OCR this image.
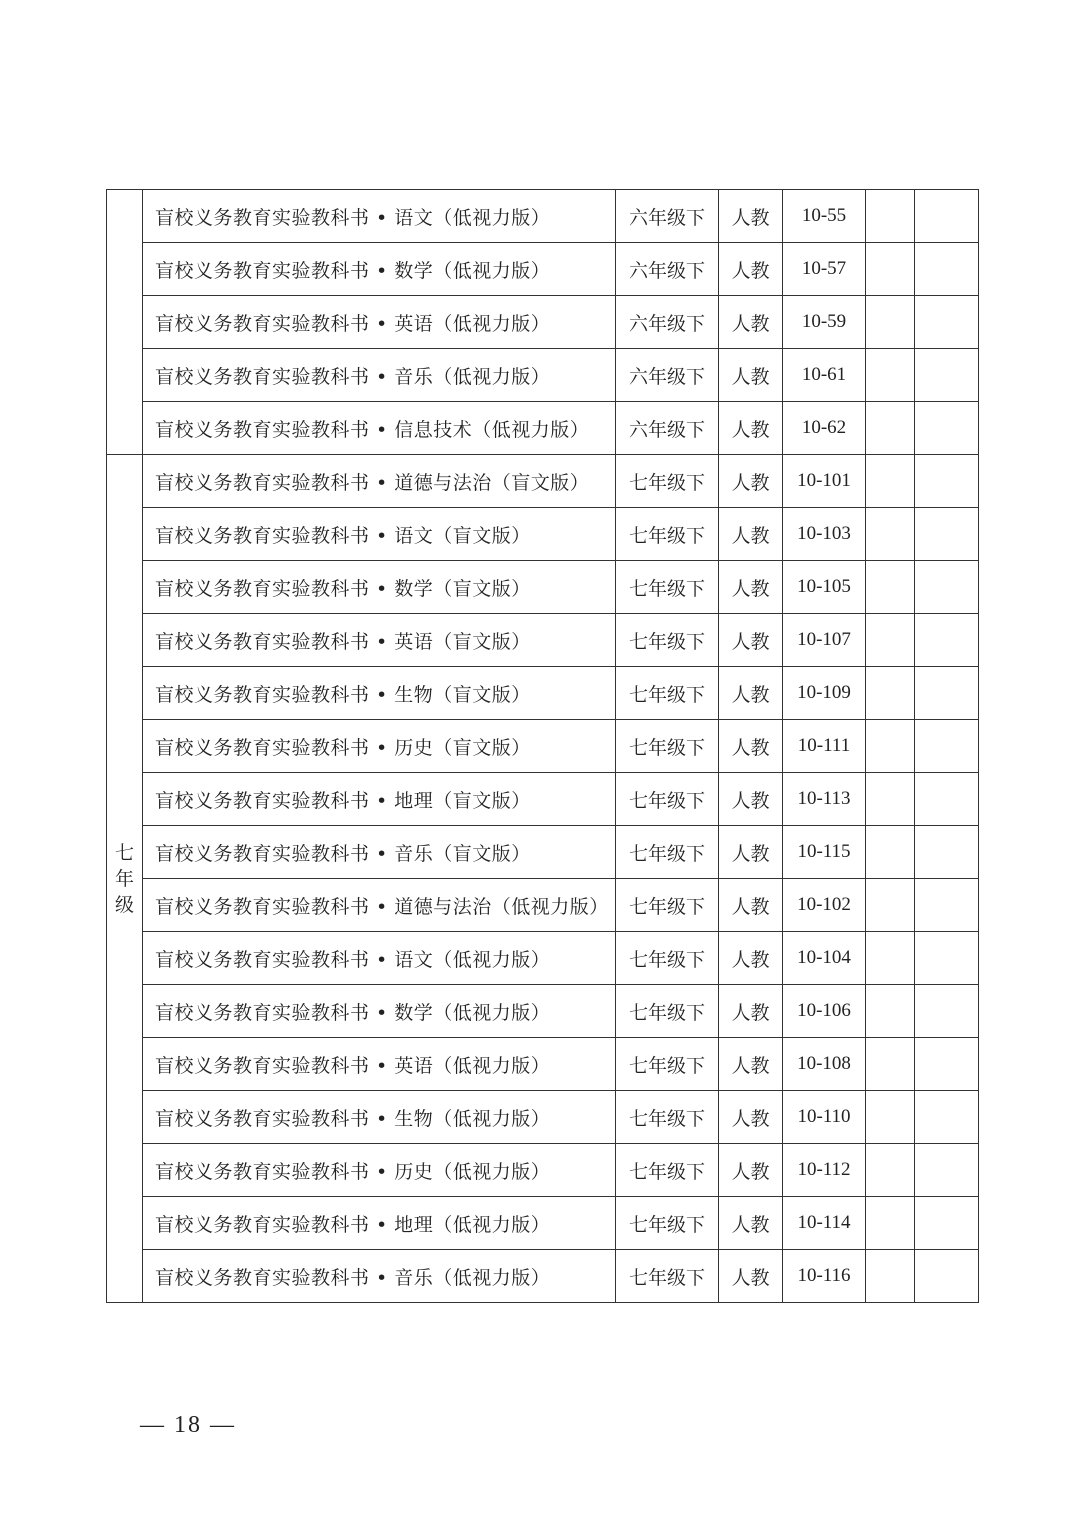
	盲校义务教育实验教科书 • 语文（低视力版）	六年级下	人教	10-55		
	盲校义务教育实验教科书 • 数学（低视力版）	六年级下	人教	10-57		
	盲校义务教育实验教科书 • 英语（低视力版）	六年级下	人教	10-59		
	盲校义务教育实验教科书 • 音乐（低视力版）	六年级下	人教	10-61		
	盲校义务教育实验教科书 • 信息技术（低视力版）	六年级下	人教	10-62		
七年级	盲校义务教育实验教科书 • 道德与法治（盲文版）	七年级下	人教	10-101		
	盲校义务教育实验教科书 • 语文（盲文版）	七年级下	人教	10-103		
	盲校义务教育实验教科书 • 数学（盲文版）	七年级下	人教	10-105		
	盲校义务教育实验教科书 • 英语（盲文版）	七年级下	人教	10-107		
	盲校义务教育实验教科书 • 生物（盲文版）	七年级下	人教	10-109		
	盲校义务教育实验教科书 • 历史（盲文版）	七年级下	人教	10-111		
	盲校义务教育实验教科书 • 地理（盲文版）	七年级下	人教	10-113		
	盲校义务教育实验教科书 • 音乐（盲文版）	七年级下	人教	10-115		
	盲校义务教育实验教科书 • 道德与法治（低视力版）	七年级下	人教	10-102		
	盲校义务教育实验教科书 • 语文（低视力版）	七年级下	人教	10-104		
	盲校义务教育实验教科书 • 数学（低视力版）	七年级下	人教	10-106		
	盲校义务教育实验教科书 • 英语（低视力版）	七年级下	人教	10-108		
	盲校义务教育实验教科书 • 生物（低视力版）	七年级下	人教	10-110		
	盲校义务教育实验教科书 • 历史（低视力版）	七年级下	人教	10-112		
	盲校义务教育实验教科书 • 地理（低视力版）	七年级下	人教	10-114		
	盲校义务教育实验教科书 • 音乐（低视力版）	七年级下	人教	10-116		
— 18 —
